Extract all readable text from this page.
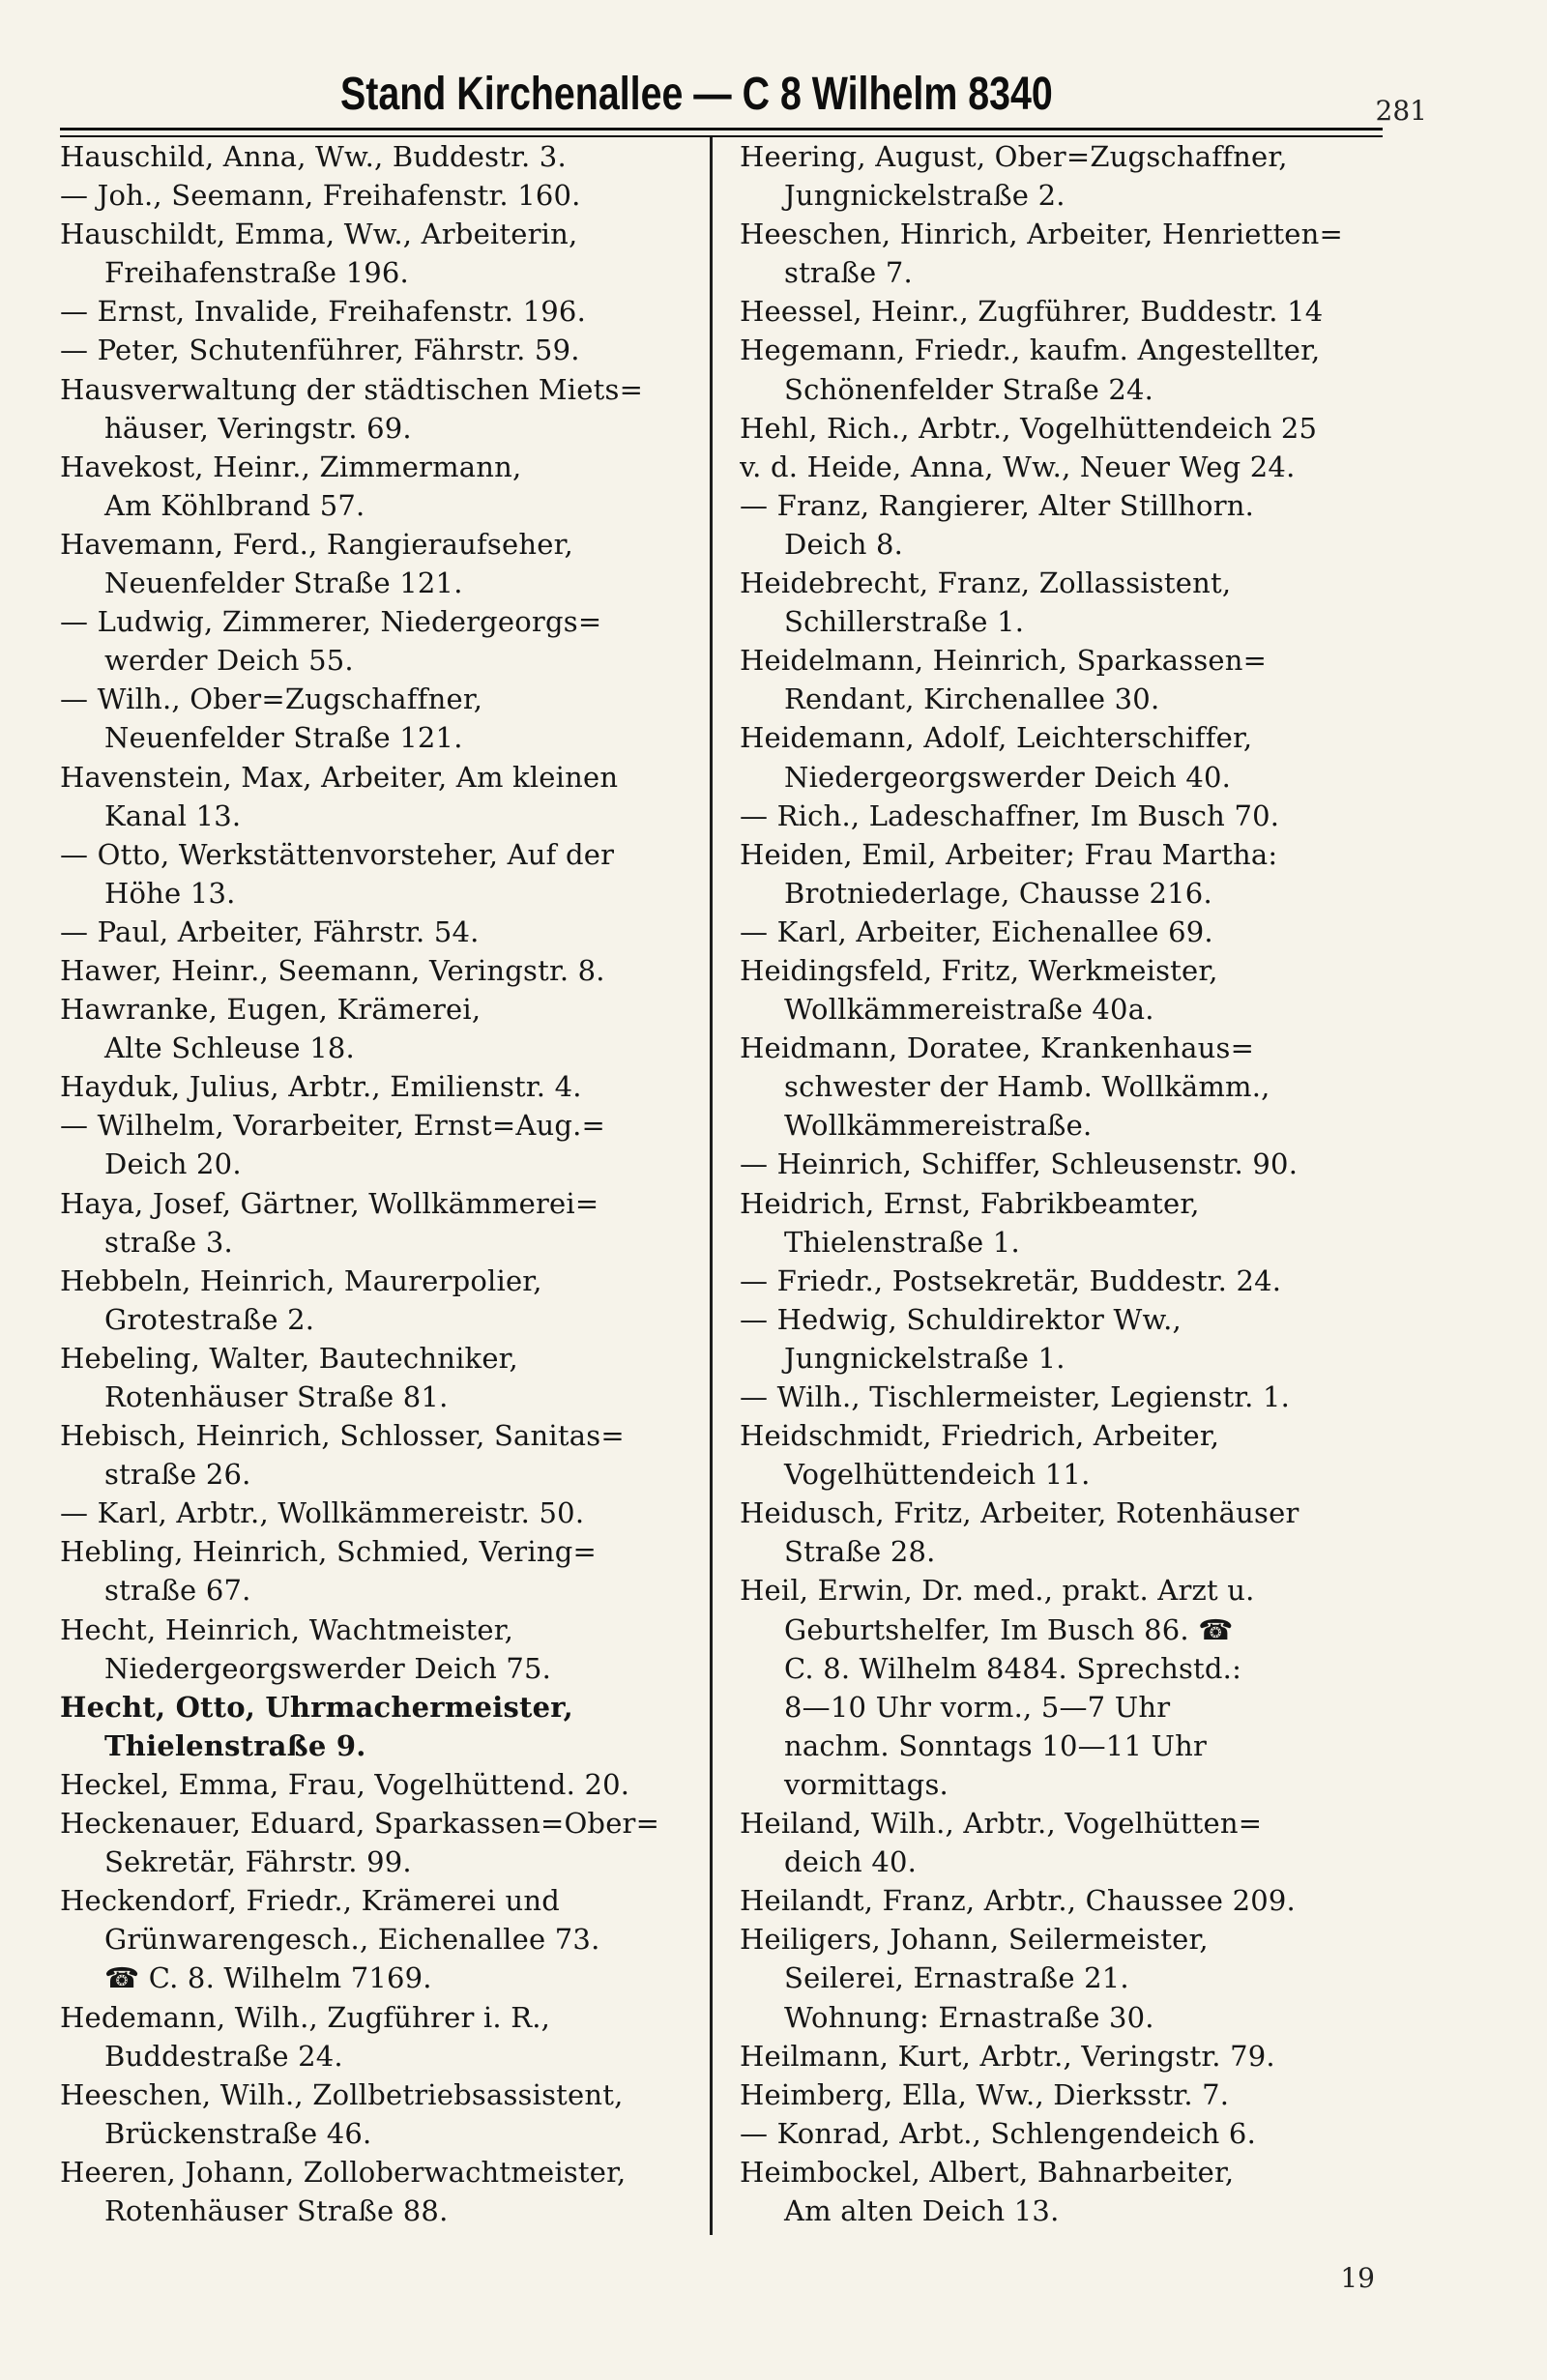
Stand Kirchenallee — C 8 Wilhelm 8340	281
Hauschild, Anna, Ww., Buddestr. 3.
— Joh., Seemann, Freihafenstr. 160.
Hauschildt, Emma, Ww., Arbeiterin,
Freihafenstraße 196.
— Ernst, Invalide, Freihafenstr. 196.
— Peter, Schutenführer, Fährstr. 59.
Hausverwaltung der städtischen Miets=
häuser, Veringstr. 69.
Havekost, Heinr., Zimmermann,
Am Köhlbrand 57.
Havemann, Ferd., Rangieraufseher,
Neuenfelder Straße 121.
— Ludwig, Zimmerer, Niedergeorgs=
werder Deich 55.
— Wilh., Ober=Zugschaffner,
Neuenfelder Straße 121.
Havenstein, Max, Arbeiter, Am kleinen
Kanal 13.
— Otto, Werkstättenvorsteher, Auf der
Höhe 13.
— Paul, Arbeiter, Fährstr. 54.
Hawer, Heinr., Seemann, Veringstr. 8.
Hawranke, Eugen, Krämerei,
Alte Schleuse 18.
Hayduk, Julius, Arbtr., Emilienstr. 4.
— Wilhelm, Vorarbeiter, Ernst=Aug.=
Deich 20.
Haya, Josef, Gärtner, Wollkämmerei=
straße 3.
Hebbeln, Heinrich, Maurerpolier,
Grotestraße 2.
Hebeling, Walter, Bautechniker,
Rotenhäuser Straße 81.
Hebisch, Heinrich, Schlosser, Sanitas=
straße 26.
— Karl, Arbtr., Wollkämmereistr. 50.
Hebling, Heinrich, Schmied, Vering=
straße 67.
Hecht, Heinrich, Wachtmeister,
Niedergeorgswerder Deich 75.
Hecht, Otto, Uhrmachermeister,
Thielenstraße 9.
Heckel, Emma, Frau, Vogelhüttend. 20.
Heckenauer, Eduard, Sparkassen=Ober=
Sekretär, Fährstr. 99.
Heckendorf, Friedr., Krämerei und
Grünwarengesch., Eichenallee 73.
☎ C. 8. Wilhelm 7169.
Hedemann, Wilh., Zugführer i. R.,
Buddestraße 24.
Heeschen, Wilh., Zollbetriebsassistent,
Brückenstraße 46.
Heeren, Johann, Zolloberwachtmeister,
Rotenhäuser Straße 88.
Heering, August, Ober=Zugschaffner,
Jungnickelstraße 2.
Heeschen, Hinrich, Arbeiter, Henrietten=
straße 7.
Heessel, Heinr., Zugführer, Buddestr. 14
Hegemann, Friedr., kaufm. Angestellter,
Schönenfelder Straße 24.
Hehl, Rich., Arbtr., Vogelhüttendeich 25
v. d. Heide, Anna, Ww., Neuer Weg 24.
— Franz, Rangierer, Alter Stillhorn.
Deich 8.
Heidebrecht, Franz, Zollassistent,
Schillerstraße 1.
Heidelmann, Heinrich, Sparkassen=
Rendant, Kirchenallee 30.
Heidemann, Adolf, Leichterschiffer,
Niedergeorgswerder Deich 40.
— Rich., Ladeschaffner, Im Busch 70.
Heiden, Emil, Arbeiter; Frau Martha:
Brotniederlage, Chausse 216.
— Karl, Arbeiter, Eichenallee 69.
Heidingsfeld, Fritz, Werkmeister,
Wollkämmereistraße 40a.
Heidmann, Doratee, Krankenhaus=
schwester der Hamb. Wollkämm.,
Wollkämmereistraße.
— Heinrich, Schiffer, Schleusenstr. 90.
Heidrich, Ernst, Fabrikbeamter,
Thielenstraße 1.
— Friedr., Postsekretär, Buddestr. 24.
— Hedwig, Schuldirektor Ww.,
Jungnickelstraße 1.
— Wilh., Tischlermeister, Legienstr. 1.
Heidschmidt, Friedrich, Arbeiter,
Vogelhüttendeich 11.
Heidusch, Fritz, Arbeiter, Rotenhäuser
Straße 28.
Heil, Erwin, Dr. med., prakt. Arzt u.
Geburtshelfer, Im Busch 86. ☎
C. 8. Wilhelm 8484. Sprechstd.:
8—10 Uhr vorm., 5—7 Uhr
nachm. Sonntags 10—11 Uhr
vormittags.
Heiland, Wilh., Arbtr., Vogelhütten=
deich 40.
Heilandt, Franz, Arbtr., Chaussee 209.
Heiligers, Johann, Seilermeister,
Seilerei, Ernastraße 21.
Wohnung: Ernastraße 30.
Heilmann, Kurt, Arbtr., Veringstr. 79.
Heimberg, Ella, Ww., Dierksstr. 7.
— Konrad, Arbt., Schlengendeich 6.
Heimbockel, Albert, Bahnarbeiter,
Am alten Deich 13.
19
